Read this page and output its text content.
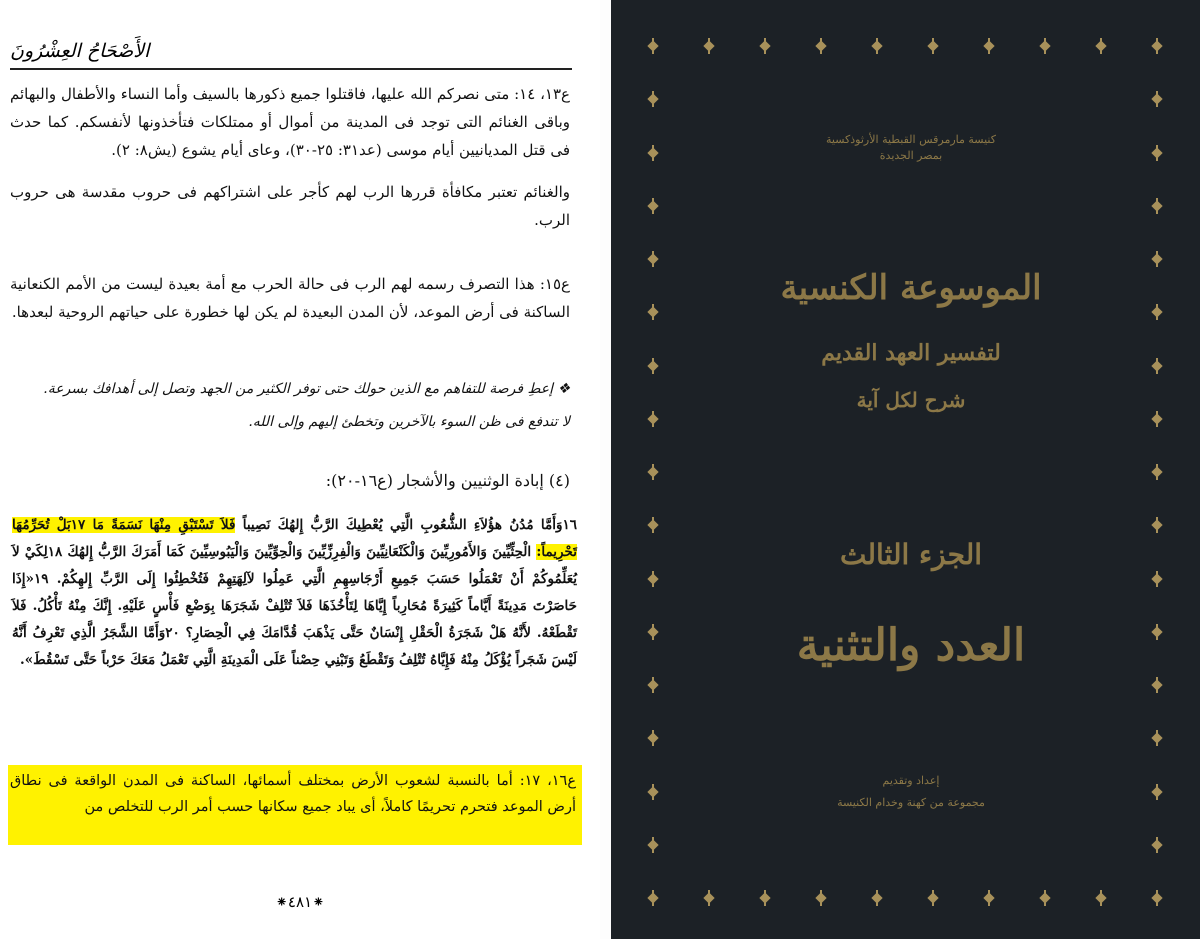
الأَصْحَاحُ العِشْرُونَ
ع١٣، ١٤: متى نصركم الله عليها، فاقتلوا جميع ذكورها بالسيف وأما النساء والأطفال والبهائم وباقى الغنائم التى توجد فى المدينة من أموال أو ممتلكات فتأخذونها لأنفسكم. كما حدث فى قتل المديانيين أيام موسى (عد٣١: ٢٥-٣٠)، وعاى أيام يشوع (يش٨: ٢).
والغنائم تعتبر مكافأة قررها الرب لهم كأجر على اشتراكهم فى حروب مقدسة هى حروب الرب.
ع١٥: هذا التصرف رسمه لهم الرب فى حالة الحرب مع أمة بعيدة ليست من الأمم الكنعانية الساكنة فى أرض الموعد، لأن المدن البعيدة لم يكن لها خطورة على حياتهم الروحية لبعدها.
❖ إعطِ فرصة للتفاهم مع الذين حولك حتى توفر الكثير من الجهد وتصل إلى أهدافك بسرعة.
لا تندفع فى ظن السوء بالآخرين وتخطئ إليهم وإلى الله.
(٤) إبادة الوثنيين والأشجار (ع١٦-٢٠):
١٦وَأَمَّا مُدُنُ هؤُلاَءِ الشُّعُوبِ الَّتِي يُعْطِيكَ الرَّبُّ إِلهُكَ نَصِيباً فَلاَ تَسْتَبْقِ مِنْهَا نَسَمَةً مَا ١٧بَلْ تُحَرِّمُهَا تَحْرِيماً: الْحِثِّيِّينَ وَالأَمُورِيِّينَ وَالْكَنْعَانِيِّينَ وَالْفِرِزِّيِّينَ وَالْحِوِّيِّينَ وَالْيَبُوسِيِّينَ كَمَا أَمَرَكَ الرَّبُّ إِلهُكَ ١٨لِكَيْ لاَ يُعَلِّمُوكُمْ أَنْ تَعْمَلُوا حَسَبَ جَمِيعِ أَرْجَاسِهِمِ الَّتِي عَمِلُوا لآلِهَتِهِمْ فَتُخْطِئُوا إِلَى الرَّبِّ إِلهِكُمْ. ١٩«إِذَا حَاصَرْتَ مَدِينَةً أَيَّاماً كَثِيرَةً مُحَارِباً إِيَّاهَا لِتَأْخُذَهَا فَلاَ تُتْلِفْ شَجَرَهَا بِوَضْعِ فَأْسٍ عَلَيْهِ. إِنَّكَ مِنْهُ تَأْكُلُ. فَلاَ تَقْطَعْهُ. لأَنَّهُ هَلْ شَجَرَةُ الْحَقْلِ إِنْسَانٌ حَتَّى يَذْهَبَ قُدَّامَكَ فِي الْحِصَارِ؟ ٢٠وَأَمَّا الشَّجَرُ الَّذِي تَعْرِفُ أَنَّهُ لَيْسَ شَجَراً يُؤْكَلُ مِنْهُ فَإِيَّاهُ تُتْلِفُ وَتَقْطَعُ وَتَبْنِي حِصْناً عَلَى الْمَدِينَةِ الَّتِي تَعْمَلُ مَعَكَ حَرْباً حَتَّى تَسْقُطَ».
ع١٦، ١٧: أما بالنسبة لشعوب الأرض بمختلف أسمائها، الساكنة فى المدن الواقعة فى نطاق أرض الموعد فتحرم تحريمًا كاملاً، أى يباد جميع سكانها حسب أمر الرب للتخلص من
⁕٤٨١⁕
كنيسة مارمرقس القبطية الأرثوذكسية
بمصر الجديدة
الموسوعة الكنسية
لتفسير العهد القديم
شرح لكل آية
الجزء الثالث
العدد والتثنية
إعداد وتقديم
مجموعة من كهنة وخدام الكنيسة
